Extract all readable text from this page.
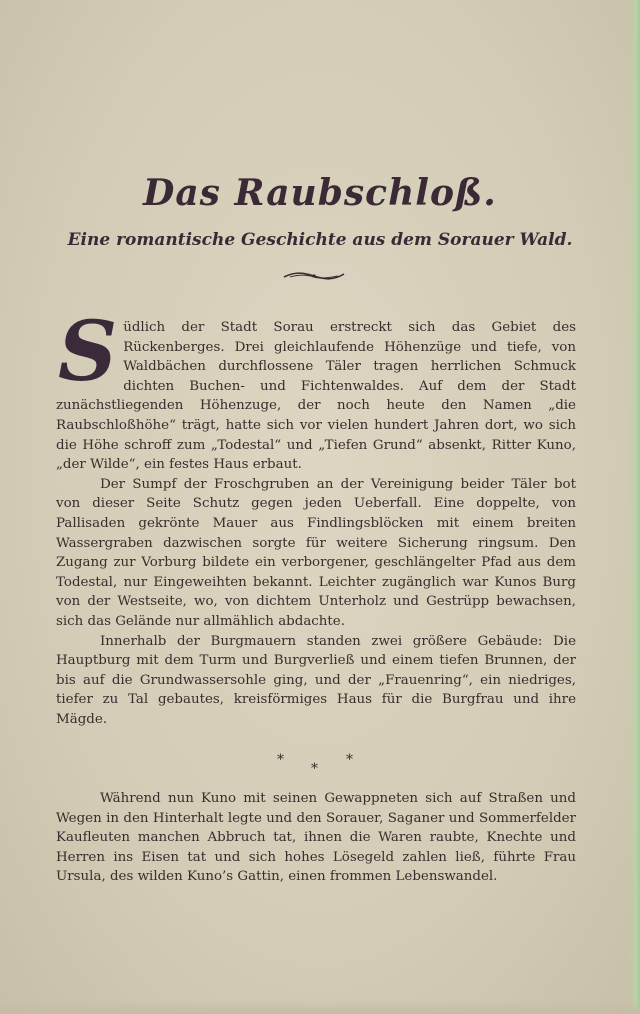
Das Raubschloß.
Eine romantische Geschichte aus dem Sorauer Wald.

Südlich der Stadt Sorau erstreckt sich das Gebiet des Rückenberges. Drei gleichlaufende Höhenzüge und tiefe, von Waldbächen durchflossene Täler tragen herrlichen Schmuck dichten Buchen- und Fichtenwaldes. Auf dem der Stadt zunächstliegenden Höhenzuge, der noch heute den Namen „die Raubschloßhöhe“ trägt, hatte sich vor vielen hundert Jahren dort, wo sich die Höhe schroff zum „Todestal“ und „Tiefen Grund“ absenkt, Ritter Kuno, „der Wilde“, ein festes Haus erbaut.

Der Sumpf der Froschgruben an der Vereinigung beider Täler bot von dieser Seite Schutz gegen jeden Ueberfall. Eine doppelte, von Pallisaden gekrönte Mauer aus Findlingsblöcken mit einem breiten Wassergraben dazwischen sorgte für weitere Sicherung ringsum. Den Zugang zur Vorburg bildete ein verborgener, geschlängelter Pfad aus dem Todestal, nur Eingeweihten bekannt. Leichter zugänglich war Kunos Burg von der Westseite, wo, von dichtem Unterholz und Gestrüpp bewachsen, sich das Gelände nur allmählich abdachte.

Innerhalb der Burgmauern standen zwei größere Gebäude: Die Hauptburg mit dem Turm und Burgverließ und einem tiefen Brunnen, der bis auf die Grundwassersohle ging, und der „Frauenring“, ein niedriges, tiefer zu Tal gebautes, kreisförmiges Haus für die Burgfrau und ihre Mägde.

*	*
*

Während nun Kuno mit seinen Gewappneten sich auf Straßen und Wegen in den Hinterhalt legte und den Sorauer, Saganer und Sommerfelder Kaufleuten manchen Abbruch tat, ihnen die Waren raubte, Knechte und Herren ins Eisen tat und sich hohes Lösegeld zahlen ließ, führte Frau Ursula, des wilden Kuno’s Gattin, einen frommen Lebenswandel.
